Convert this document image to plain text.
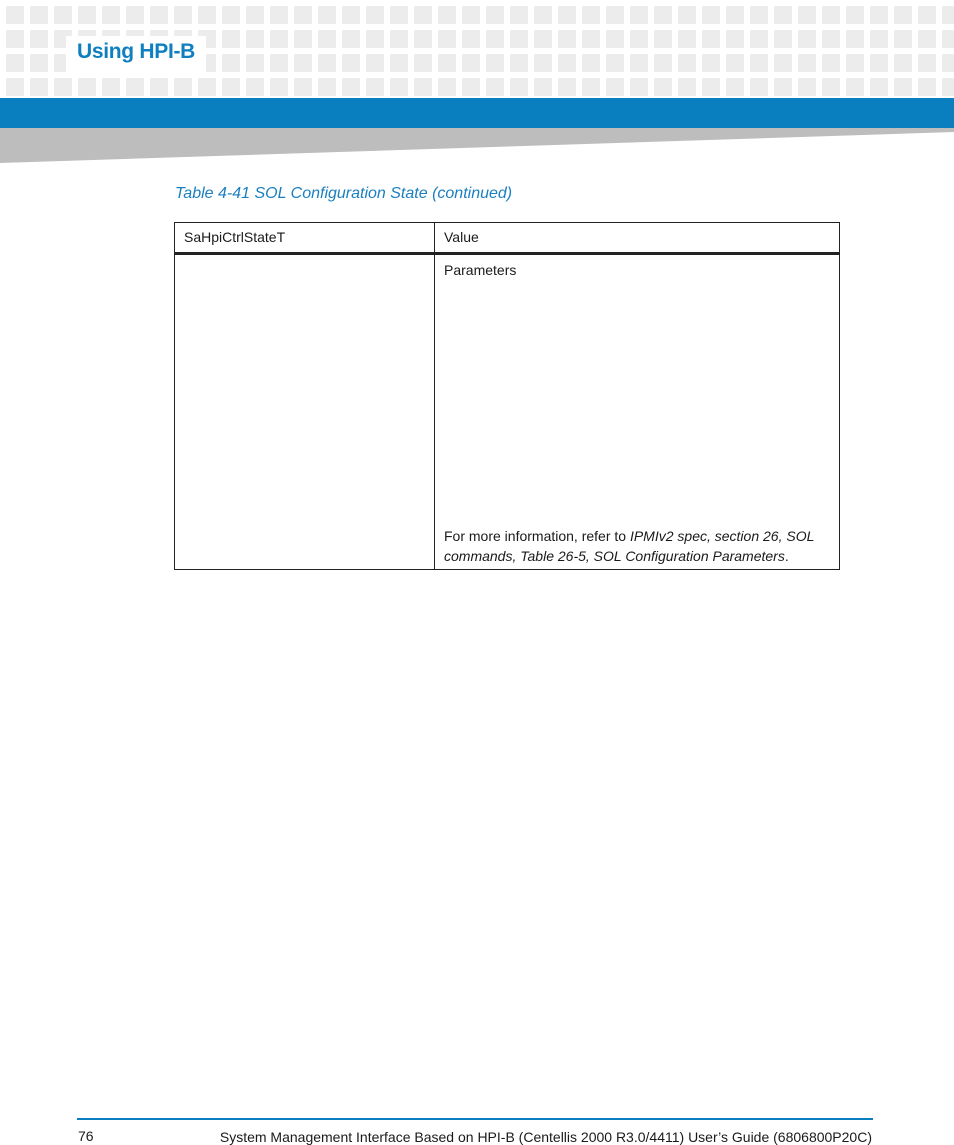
Using HPI-B
Table 4-41 SOL Configuration State (continued)
SaHpiCtrlStateT	Value

	Parameters
For more information, refer to IPMIv2 spec, section 26, SOL commands, Table 26-5, SOL Configuration Parameters.
76	System Management Interface Based on HPI-B (Centellis 2000 R3.0/4411) User’s Guide (6806800P20C)
